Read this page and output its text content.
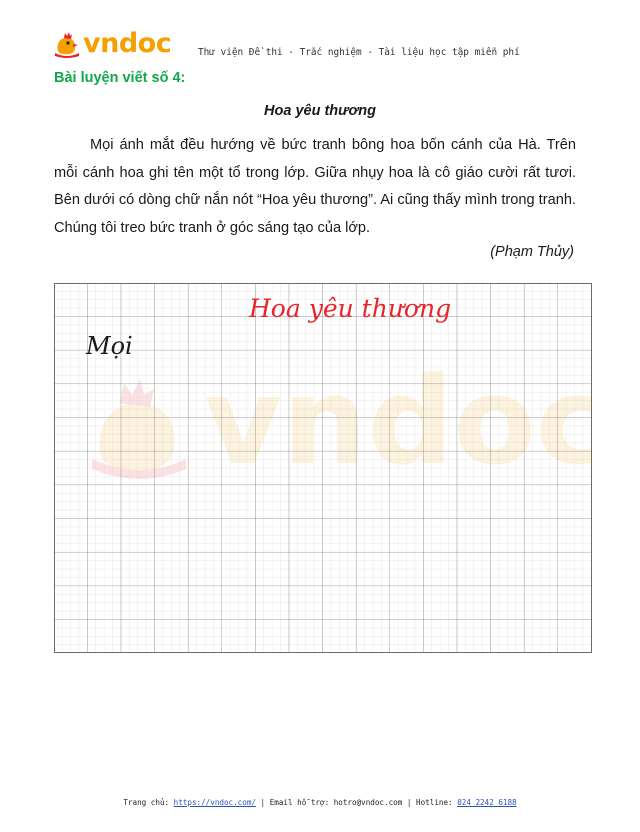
vndoc	Thư viện Đề thi - Trắc nghiệm - Tài liệu học tập miễn phí
Bài luyện viết số 4:
Hoa yêu thương

Mọi ánh mắt đều hướng về bức tranh bông hoa bốn cánh của Hà. Trên mỗi cánh hoa ghi tên một tổ trong lớp. Giữa nhụy hoa là cô giáo cười rất tươi. Bên dưới có dòng chữ nắn nót “Hoa yêu thương”. Ai cũng thấy mình trong tranh. Chúng tôi treo bức tranh ở góc sáng tạo của lớp.

(Phạm Thủy)
Hoa yêu thương
Mọi
Trang chủ: https://vndoc.com/ | Email hỗ trợ: hotro@vndoc.com | Hotline: 024 2242 6188
